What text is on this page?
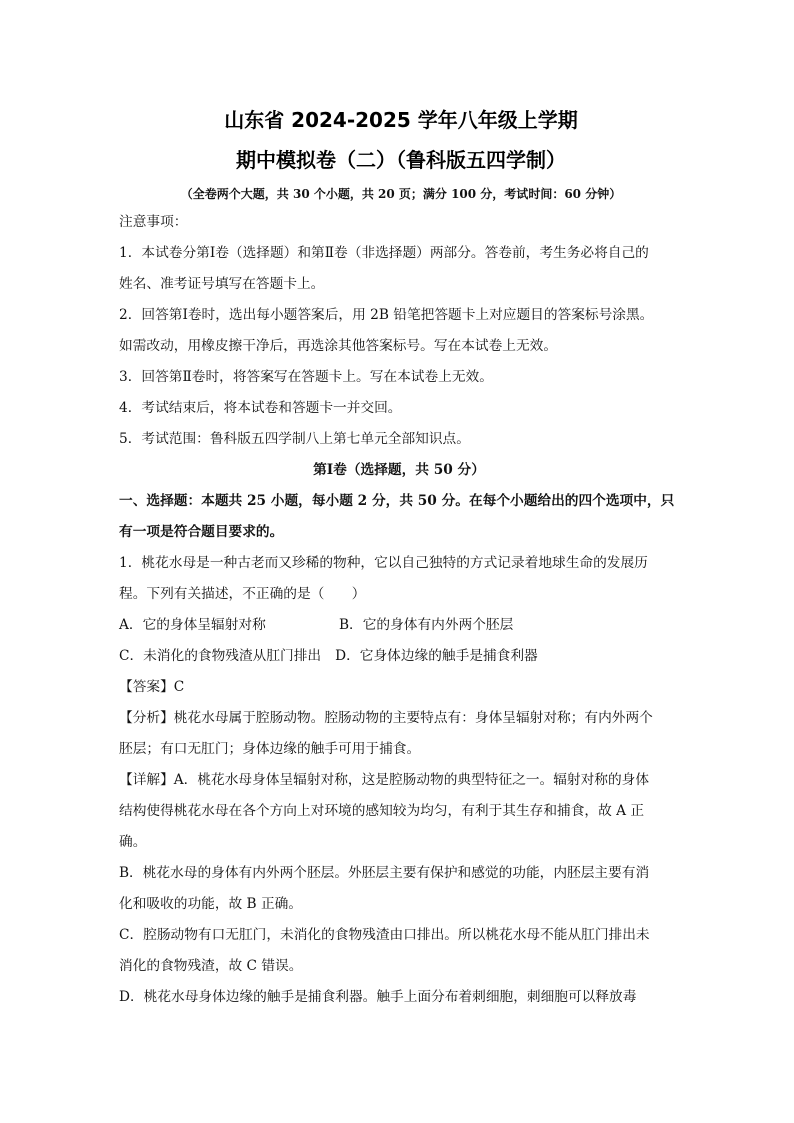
山东省 2024-2025 学年八年级上学期
期中模拟卷（二）（鲁科版五四学制）
（全卷两个大题，共 30 个小题，共 20 页；满分 100 分，考试时间：60 分钟）
注意事项：
1．本试卷分第Ⅰ卷（选择题）和第Ⅱ卷（非选择题）两部分。答卷前，考生务必将自己的
姓名、准考证号填写在答题卡上。
2．回答第Ⅰ卷时，选出每小题答案后，用 2B 铅笔把答题卡上对应题目的答案标号涂黑。
如需改动，用橡皮擦干净后，再选涂其他答案标号。写在本试卷上无效。
3．回答第Ⅱ卷时，将答案写在答题卡上。写在本试卷上无效。
4．考试结束后，将本试卷和答题卡一并交回。
5．考试范围：鲁科版五四学制八上第七单元全部知识点。
第Ⅰ卷（选择题，共 50 分）
一、选择题：本题共 25 小题，每小题 2 分，共 50 分。在每个小题给出的四个选项中，只
有一项是符合题目要求的。
1．桃花水母是一种古老而又珍稀的物种，它以自己独特的方式记录着地球生命的发展历
程。下列有关描述，不正确的是（　　）
A．它的身体呈辐射对称	B．它的身体有内外两个胚层
C．未消化的食物残渣从肛门排出 D．它身体边缘的触手是捕食利器
【答案】C
【分析】桃花水母属于腔肠动物。腔肠动物的主要特点有：身体呈辐射对称；有内外两个
胚层；有口无肛门；身体边缘的触手可用于捕食。
【详解】A．桃花水母身体呈辐射对称，这是腔肠动物的典型特征之一。辐射对称的身体
结构使得桃花水母在各个方向上对环境的感知较为均匀，有利于其生存和捕食，故 A 正
确。
B．桃花水母的身体有内外两个胚层。外胚层主要有保护和感觉的功能，内胚层主要有消
化和吸收的功能，故 B 正确。
C．腔肠动物有口无肛门，未消化的食物残渣由口排出。所以桃花水母不能从肛门排出未
消化的食物残渣，故 C 错误。
D．桃花水母身体边缘的触手是捕食利器。触手上面分布着刺细胞，刺细胞可以释放毒
